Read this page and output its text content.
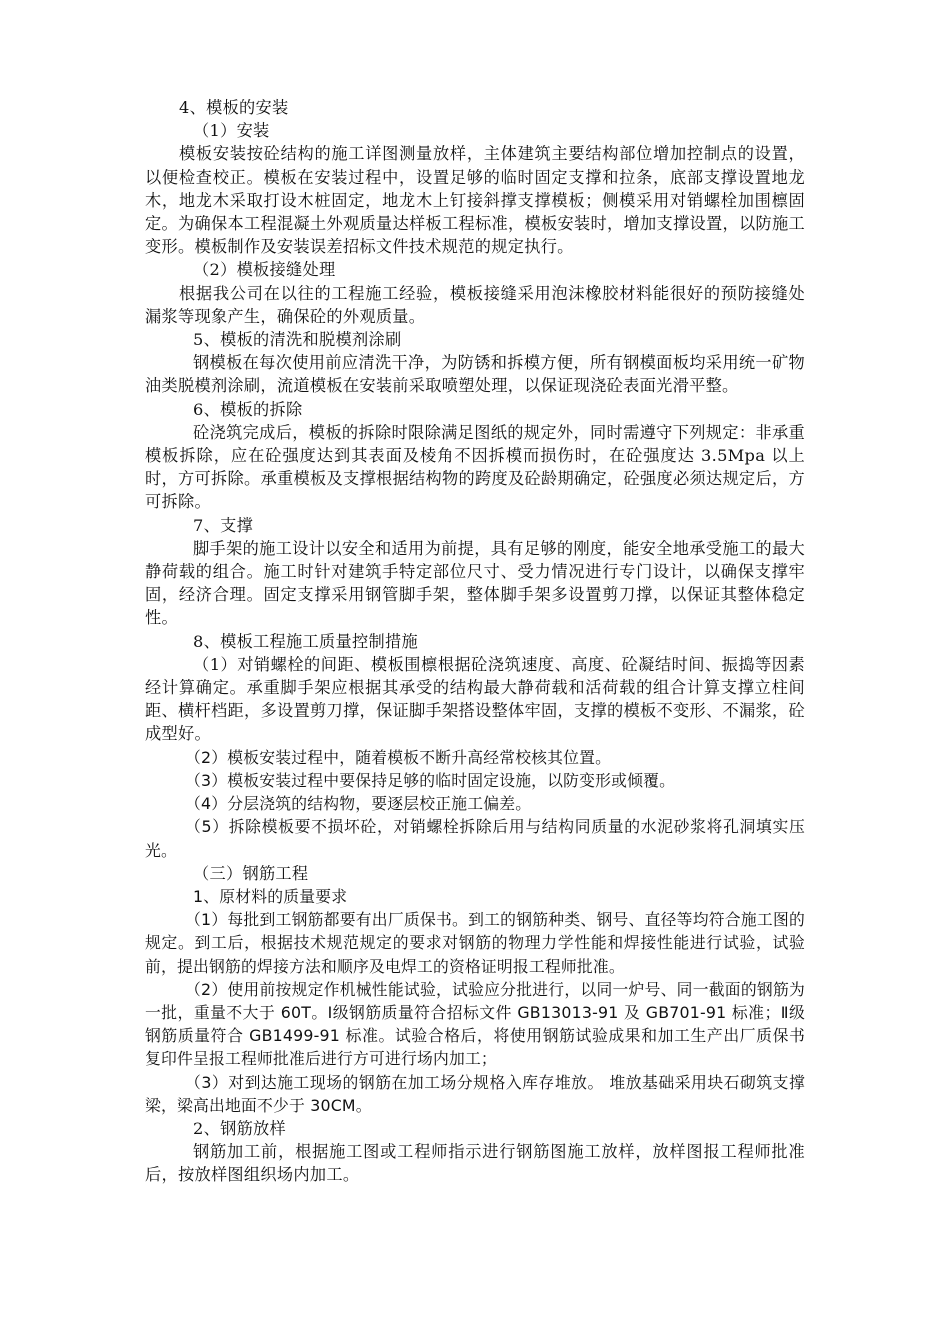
4、模板的安装

（1）安装

模板安装按砼结构的施工详图测量放样，主体建筑主要结构部位增加控制点的设置，以便检查校正。模板在安装过程中，设置足够的临时固定支撑和拉条，底部支撑设置地龙木，地龙木采取打设木桩固定，地龙木上钉接斜撑支撑模板；侧模采用对销螺栓加围檩固定。为确保本工程混凝土外观质量达样板工程标准，模板安装时，增加支撑设置，以防施工变形。模板制作及安装误差招标文件技术规范的规定执行。

（2）模板接缝处理

根据我公司在以往的工程施工经验，模板接缝采用泡沫橡胶材料能很好的预防接缝处漏浆等现象产生，确保砼的外观质量。

5、模板的清洗和脱模剂涂刷

钢模板在每次使用前应清洗干净，为防锈和拆模方便，所有钢模面板均采用统一矿物油类脱模剂涂刷，流道模板在安装前采取喷塑处理，以保证现浇砼表面光滑平整。

6、模板的拆除

砼浇筑完成后，模板的拆除时限除满足图纸的规定外，同时需遵守下列规定：非承重模板拆除，应在砼强度达到其表面及棱角不因拆模而损伤时，在砼强度达 3.5Mpa 以上时，方可拆除。承重模板及支撑根据结构物的跨度及砼龄期确定，砼强度必须达规定后，方可拆除。

7、支撑

脚手架的施工设计以安全和适用为前提，具有足够的刚度，能安全地承受施工的最大静荷载的组合。施工时针对建筑手特定部位尺寸、受力情况进行专门设计，以确保支撑牢固，经济合理。固定支撑采用钢管脚手架，整体脚手架多设置剪刀撑，以保证其整体稳定性。

8、模板工程施工质量控制措施

（1）对销螺栓的间距、模板围檩根据砼浇筑速度、高度、砼凝结时间、振捣等因素经计算确定。承重脚手架应根据其承受的结构最大静荷载和活荷载的组合计算支撑立柱间距、横杆档距，多设置剪刀撑，保证脚手架搭设整体牢固，支撑的模板不变形、不漏浆，砼成型好。

（2）模板安装过程中，随着模板不断升高经常校核其位置。

（3）模板安装过程中要保持足够的临时固定设施，以防变形或倾覆。

（4）分层浇筑的结构物，要逐层校正施工偏差。

（5）拆除模板要不损坏砼，对销螺栓拆除后用与结构同质量的水泥砂浆将孔洞填实压光。

（三）钢筋工程

1、原材料的质量要求

（1）每批到工钢筋都要有出厂质保书。到工的钢筋种类、钢号、直径等均符合施工图的规定。到工后，根据技术规范规定的要求对钢筋的物理力学性能和焊接性能进行试验，试验前，提出钢筋的焊接方法和顺序及电焊工的资格证明报工程师批准。

（2）使用前按规定作机械性能试验，试验应分批进行，以同一炉号、同一截面的钢筋为一批，重量不大于 60T。Ⅰ级钢筋质量符合招标文件 GB13013-91 及 GB701-91 标准；Ⅱ级钢筋质量符合 GB1499-91 标准。试验合格后，将使用钢筋试验成果和加工生产出厂质保书复印件呈报工程师批准后进行方可进行场内加工；

（3）对到达施工现场的钢筋在加工场分规格入库存堆放。 堆放基础采用块石砌筑支撑梁，梁高出地面不少于 30CM。

2、钢筋放样

钢筋加工前，根据施工图或工程师指示进行钢筋图施工放样，放样图报工程师批准后，按放样图组织场内加工。
